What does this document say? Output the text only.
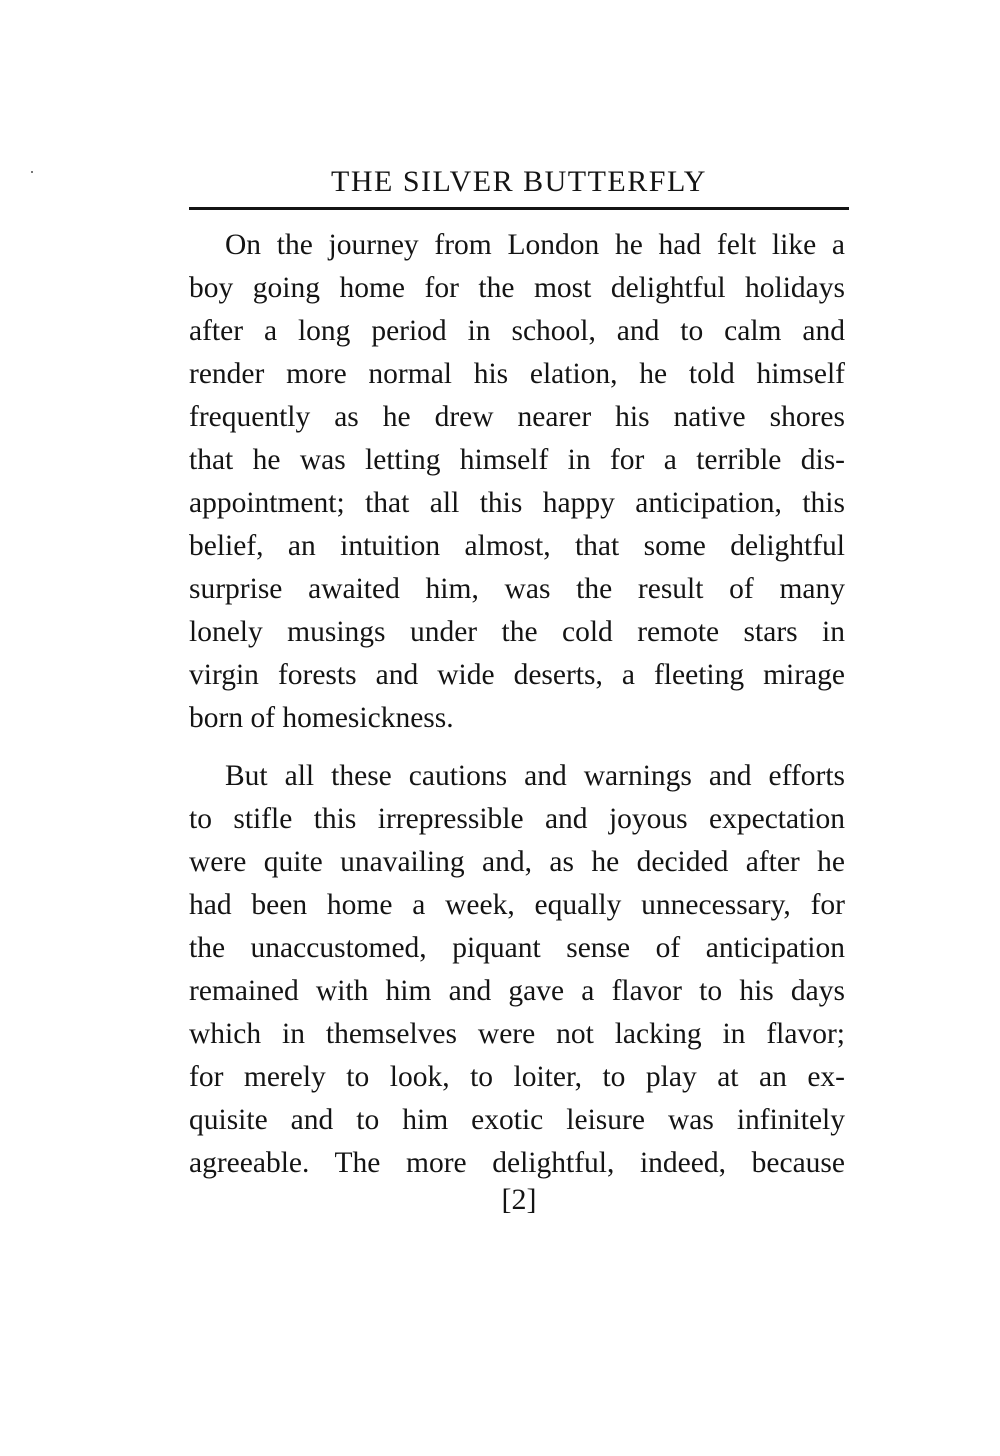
THE SILVER BUTTERFLY
On the journey from London he had felt like a
boy going home for the most delightful holidays
after a long period in school, and to calm and
render more normal his elation, he told himself
frequently as he drew nearer his native shores
that he was letting himself in for a terrible dis-
appointment; that all this happy anticipation, this
belief, an intuition almost, that some delightful
surprise awaited him, was the result of many
lonely musings under the cold remote stars in
virgin forests and wide deserts, a fleeting mirage
born of homesickness.
But all these cautions and warnings and efforts
to stifle this irrepressible and joyous expectation
were quite unavailing and, as he decided after he
had been home a week, equally unnecessary, for
the unaccustomed, piquant sense of anticipation
remained with him and gave a flavor to his days
which in themselves were not lacking in flavor;
for merely to look, to loiter, to play at an ex-
quisite and to him exotic leisure was infinitely
agreeable. The more delightful, indeed, because
[2]
